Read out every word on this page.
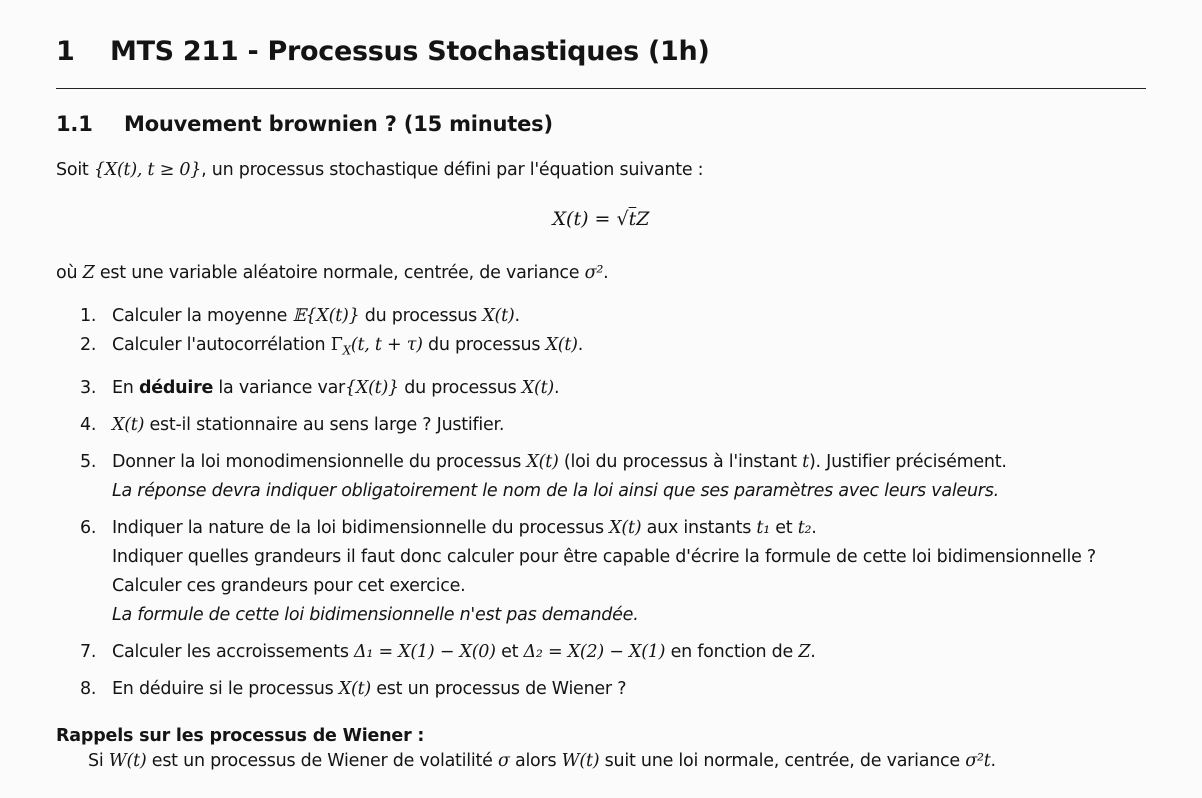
1 MTS 211 - Processus Stochastiques (1h)
1.1 Mouvement brownien ? (15 minutes)
Soit {X(t), t ≥ 0}, un processus stochastique défini par l'équation suivante :
X(t) = √tZ
où Z est une variable aléatoire normale, centrée, de variance σ².
1. Calculer la moyenne 𝔼{X(t)} du processus X(t).
2. Calculer l'autocorrélation $\Gamma_X(t$, t + τ) du processus X(t).
3. En déduire la variance var{X(t)} du processus X(t).
4. X(t) est-il stationnaire au sens large ? Justifier.
5. Donner la loi monodimensionnelle du processus X(t) (loi du processus à l'instant t). Justifier précisément.
La réponse devra indiquer obligatoirement le nom de la loi ainsi que ses paramètres avec leurs valeurs.
6. Indiquer la nature de la loi bidimensionnelle du processus X(t) aux instants t₁ et t₂.
Indiquer quelles grandeurs il faut donc calculer pour être capable d'écrire la formule de cette loi bidimensionnelle ?
Calculer ces grandeurs pour cet exercice.
La formule de cette loi bidimensionnelle n'est pas demandée.
7. Calculer les accroissements Δ₁ = X(1) − X(0) et Δ₂ = X(2) − X(1) en fonction de Z.
8. En déduire si le processus X(t) est un processus de Wiener ?
Rappels sur les processus de Wiener :
Si W(t) est un processus de Wiener de volatilité σ alors W(t) suit une loi normale, centrée, de variance σ²t.
